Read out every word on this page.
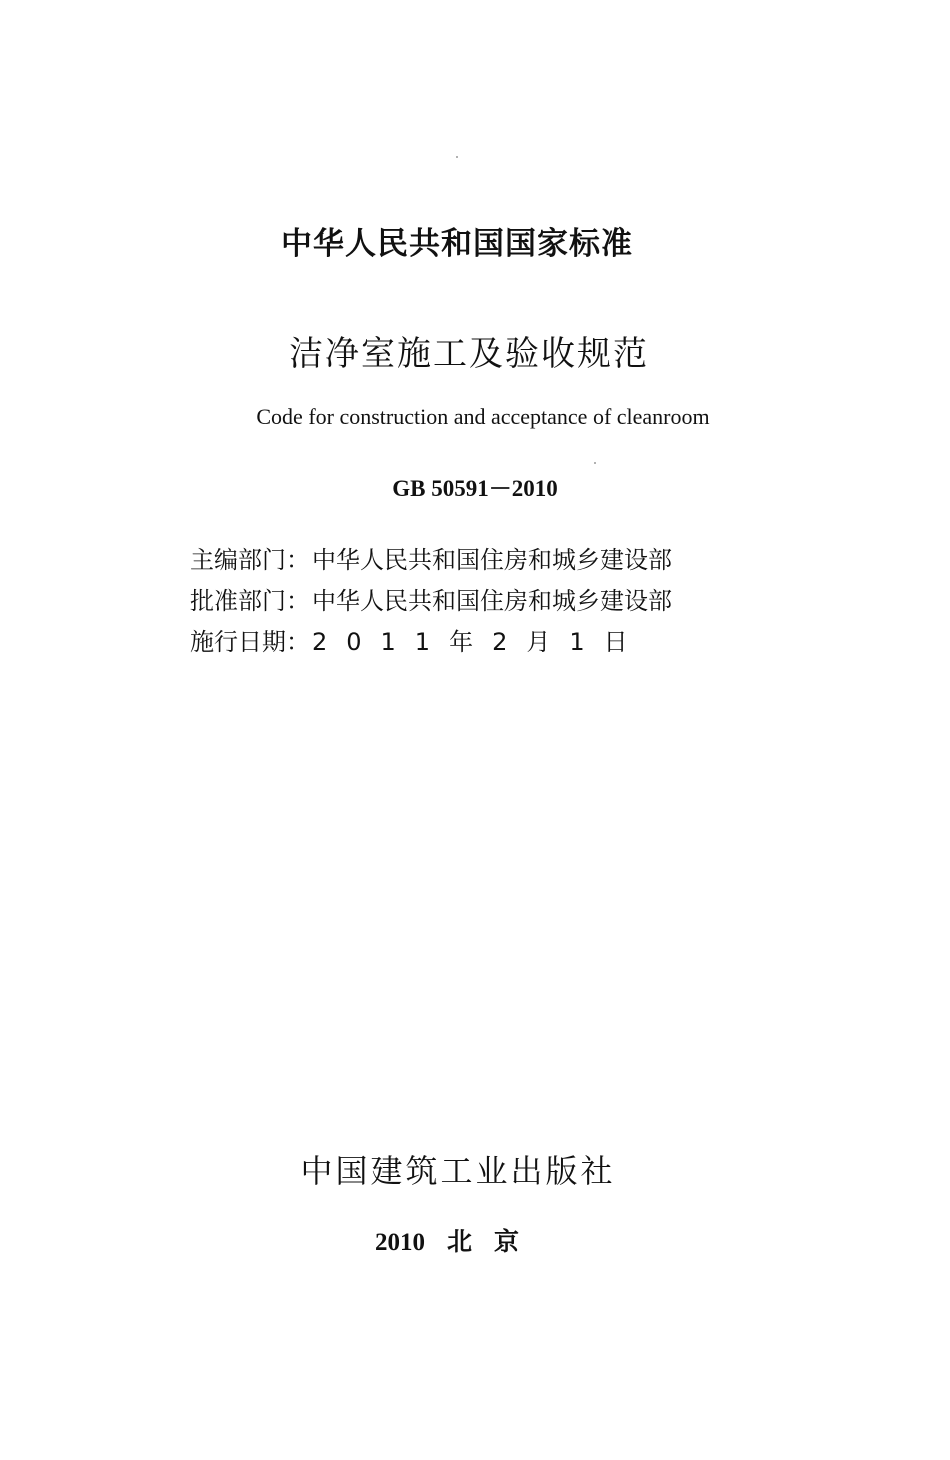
中华人民共和国国家标准
洁净室施工及验收规范
Code for construction and acceptance of cleanroom
GB 50591－2010
主编部门： 中华人民共和国住房和城乡建设部
批准部门： 中华人民共和国住房和城乡建设部
施行日期： 2011年2月1日
中国建筑工业出版社
2010 北京
